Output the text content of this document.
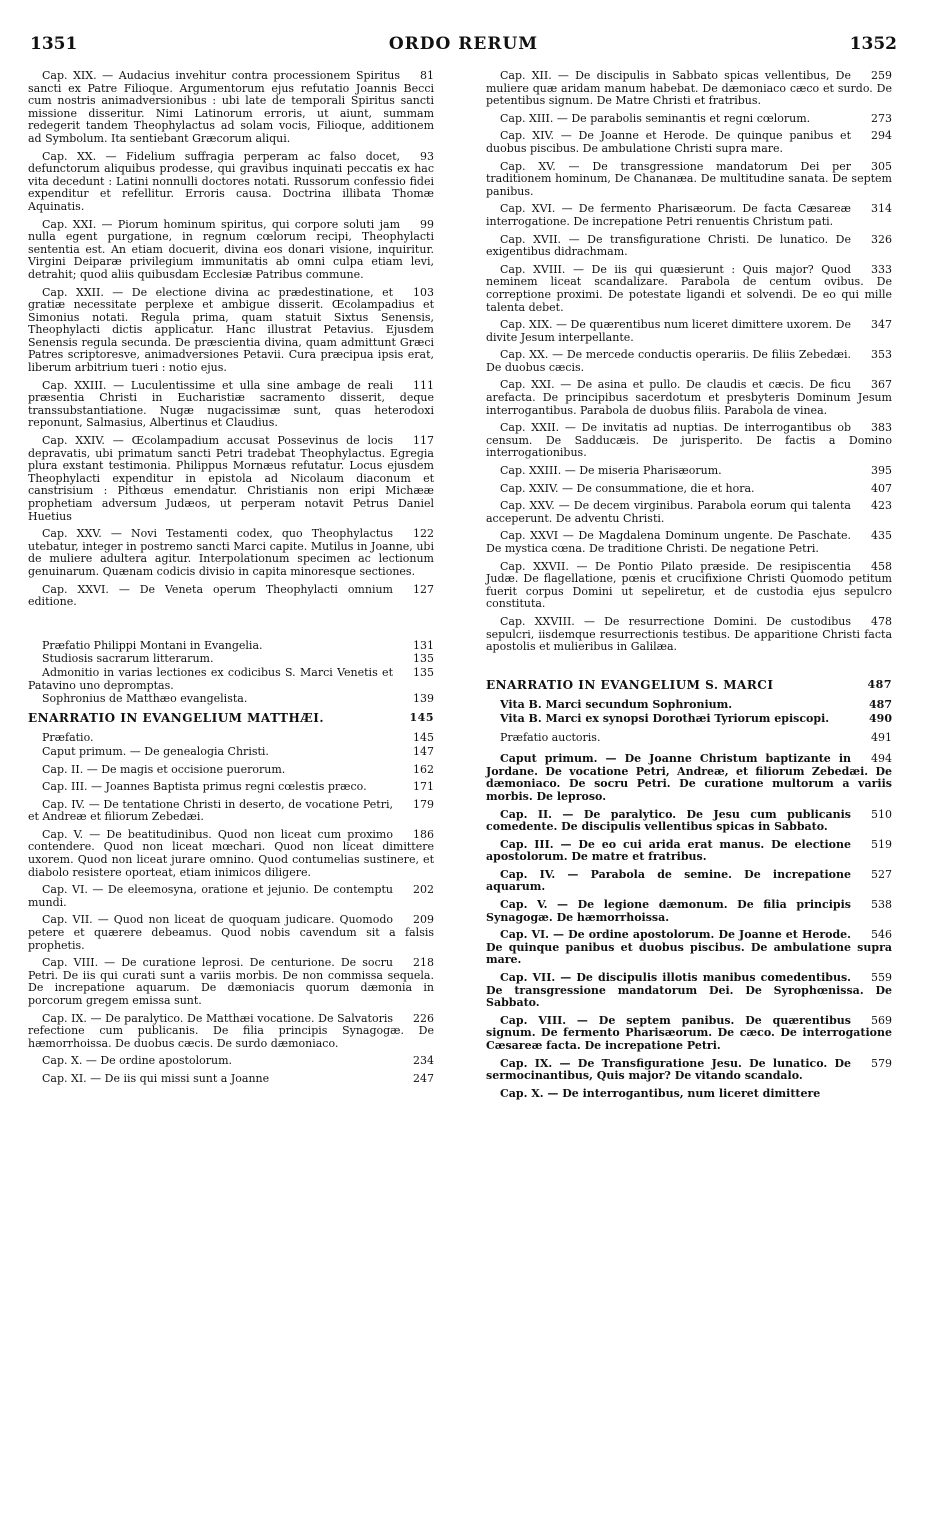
1351	ORDO RERUM	1352
81
Cap. XIX. — Audacius invehitur contra processionem Spiritus sancti ex Patre Filioque. Argumentorum ejus refutatio Joannis Becci cum nostris animadversionibus : ubi late de temporali Spiritus sancti missione disseritur. Nimi Latinorum erroris, ut aiunt, summam redegerit tandem Theophylactus ad solam vocis, Filioque, additionem ad Symbolum. Ita sentiebant Græcorum aliqui.
93
Cap. XX. — Fidelium suffragia perperam ac falso docet, defunctorum aliquibus prodesse, qui gravibus inquinati peccatis ex hac vita decedunt : Latini nonnulli doctores notati. Russorum confessio fidei expenditur et refellitur. Erroris causa. Doctrina illibata Thomæ Aquinatis.
99
Cap. XXI. — Piorum hominum spiritus, qui corpore soluti jam nulla egent purgatione, in regnum cœlorum recipi, Theophylacti sententia est. An etiam docuerit, divina eos donari visione, inquiritur. Virgini Deiparæ privilegium immunitatis ab omni culpa etiam levi, detrahit; quod aliis quibusdam Ecclesiæ Patribus commune.
103
Cap. XXII. — De electione divina ac prædestinatione, et gratiæ necessitate perplexe et ambigue disserit. Œcolampadius et Simonius notati. Regula prima, quam statuit Sixtus Senensis, Theophylacti dictis applicatur. Hanc illustrat Petavius. Ejusdem Senensis regula secunda. De præscientia divina, quam admittunt Græci Patres scriptoresve, animadversiones Petavii. Cura præcipua ipsis erat, liberum arbitrium tueri : notio ejus.
111
Cap. XXIII. — Luculentissime et ulla sine ambage de reali præsentia Christi in Eucharistiæ sacramento disserit, deque transsubstantiatione. Nugæ nugacissimæ sunt, quas heterodoxi reponunt, Salmasius, Albertinus et Claudius.
117
Cap. XXIV. — Œcolampadium accusat Possevinus de locis depravatis, ubi primatum sancti Petri tradebat Theophylactus. Egregia plura exstant testimonia. Philippus Mornæus refutatur. Locus ejusdem Theophylacti expenditur in epistola ad Nicolaum diaconum et canstrisium : Pithœus emendatur. Christianis non eripi Michææ prophetiam adversum Judæos, ut perperam notavit Petrus Daniel Huetius
122
Cap. XXV. — Novi Testamenti codex, quo Theophylactus utebatur, integer in postremo sancti Marci capite. Mutilus in Joanne, ubi de muliere adultera agitur. Interpolationum specimen ac lectionum genuinarum. Quænam codicis divisio in capita minoresque sectiones.
127
Cap. XXVI. — De Veneta operum Theophylacti omnium editione.
131
Præfatio Philippi Montani in Evangelia.
135
Studiosis sacrarum litterarum.
135
Admonitio in varias lectiones ex codicibus S. Marci Venetis et Patavino uno depromptas.
139
Sophronius de Matthæo evangelista.
145
ENARRATIO IN EVANGELIUM MATTHÆI.
145
Præfatio.
147
Caput primum. — De genealogia Christi.
162
Cap. II. — De magis et occisione puerorum.
171
Cap. III. — Joannes Baptista primus regni cœlestis præco.
179
Cap. IV. — De tentatione Christi in deserto, de vocatione Petri, et Andreæ et filiorum Zebedæi.
186
Cap. V. — De beatitudinibus. Quod non liceat cum proximo contendere. Quod non liceat mœchari. Quod non liceat dimittere uxorem. Quod non liceat jurare omnino. Quod contumelias sustinere, et diabolo resistere oporteat, etiam inimicos diligere.
202
Cap. VI. — De eleemosyna, oratione et jejunio. De contemptu mundi.
209
Cap. VII. — Quod non liceat de quoquam judicare. Quomodo petere et quærere debeamus. Quod nobis cavendum sit a falsis prophetis.
218
Cap. VIII. — De curatione leprosi. De centurione. De socru Petri. De iis qui curati sunt a variis morbis. De non commissa sequela. De increpatione aquarum. De dæmoniacis quorum dæmonia in porcorum gregem emissa sunt.
226
Cap. IX. — De paralytico. De Matthæi vocatione. De Salvatoris refectione cum publicanis. De filia principis Synagogæ. De hæmorrhoissa. De duobus cæcis. De surdo dæmoniaco.
234
Cap. X. — De ordine apostolorum.
247
Cap. XI. — De iis qui missi sunt a Joanne
259
Cap. XII. — De discipulis in Sabbato spicas vellentibus, De muliere quæ aridam manum habebat. De dæmoniaco cæco et surdo. De petentibus signum. De Matre Christi et fratribus.
273
Cap. XIII. — De parabolis seminantis et regni cœlorum.
294
Cap. XIV. — De Joanne et Herode. De quinque panibus et duobus piscibus. De ambulatione Christi supra mare.
305
Cap. XV. — De transgressione mandatorum Dei per traditionem hominum, De Chananæa. De multitudine sanata. De septem panibus.
314
Cap. XVI. — De fermento Pharisæorum. De facta Cæsareæ interrogatione. De increpatione Petri renuentis Christum pati.
326
Cap. XVII. — De transfiguratione Christi. De lunatico. De exigentibus didrachmam.
333
Cap. XVIII. — De iis qui quæsierunt : Quis major? Quod neminem liceat scandalizare. Parabola de centum ovibus. De correptione proximi. De potestate ligandi et solvendi. De eo qui mille talenta debet.
347
Cap. XIX. — De quærentibus num liceret dimittere uxorem. De divite Jesum interpellante.
353
Cap. XX. — De mercede conductis operariis. De filiis Zebedæi. De duobus cæcis.
367
Cap. XXI. — De asina et pullo. De claudis et cæcis. De ficu arefacta. De principibus sacerdotum et presbyteris Dominum Jesum interrogantibus. Parabola de duobus filiis. Parabola de vinea.
383
Cap. XXII. — De invitatis ad nuptias. De interrogantibus ob censum. De Sadducæis. De jurisperito. De factis a Domino interrogationibus.
395
Cap. XXIII. — De miseria Pharisæorum.
407
Cap. XXIV. — De consummatione, die et hora.
423
Cap. XXV. — De decem virginibus. Parabola eorum qui talenta acceperunt. De adventu Christi.
435
Cap. XXVI — De Magdalena Dominum ungente. De Paschate. De mystica cœna. De traditione Christi. De negatione Petri.
458
Cap. XXVII. — De Pontio Pilato præside. De resipiscentia Judæ. De flagellatione, pœnis et crucifixione Christi Quomodo petitum fuerit corpus Domini ut sepeliretur, et de custodia ejus sepulcro constituta.
478
Cap. XXVIII. — De resurrectione Domini. De custodibus sepulcri, iisdemque resurrectionis testibus. De apparitione Christi facta apostolis et mulieribus in Galilæa.
487
ENARRATIO IN EVANGELIUM S. MARCI
487
Vita B. Marci secundum Sophronium.
490
Vita B. Marci ex synopsi Dorothæi Tyriorum episcopi.
491
Præfatio auctoris.
494
Caput primum. — De Joanne Christum baptizante in Jordane. De vocatione Petri, Andreæ, et filiorum Zebedæi. De dæmoniaco. De socru Petri. De curatione multorum a variis morbis. De leproso.
510
Cap. II. — De paralytico. De Jesu cum publicanis comedente. De discipulis vellentibus spicas in Sabbato.
519
Cap. III. — De eo cui arida erat manus. De electione apostolorum. De matre et fratribus.
527
Cap. IV. — Parabola de semine. De increpatione aquarum.
538
Cap. V. — De legione dæmonum. De filia principis Synagogæ. De hæmorrhoissa.
546
Cap. VI. — De ordine apostolorum. De Joanne et Herode. De quinque panibus et duobus piscibus. De ambulatione supra mare.
559
Cap. VII. — De discipulis illotis manibus comedentibus. De transgressione mandatorum Dei. De Syrophœnissa. De Sabbato.
569
Cap. VIII. — De septem panibus. De quærentibus signum. De fermento Pharisæorum. De cæco. De interrogatione Cæsareæ facta. De increpatione Petri.
579
Cap. IX. — De Transfiguratione Jesu. De lunatico. De sermocinantibus, Quis major? De vitando scandalo.
Cap. X. — De interrogantibus, num liceret dimittere
